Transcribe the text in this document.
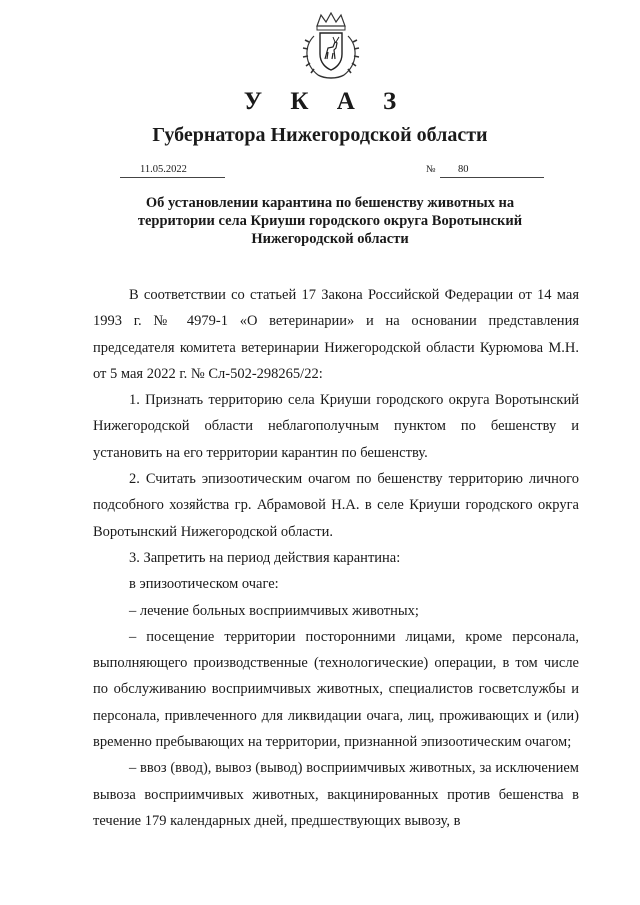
У К А З
Губернатора Нижегородской области
11.05.2022	№	80
Об установлении карантина по бешенству животных на
территории села Криуши городского округа Воротынский
Нижегородской области

В соответствии со статьей 17 Закона Российской Федерации от 14 мая 1993 г. № 4979-1 «О ветеринарии» и на основании представления председателя комитета ветеринарии Нижегородской области Курюмова М.Н. от 5 мая 2022 г. № Сл-502-298265/22:

1. Признать территорию села Криуши городского округа Воротынский Нижегородской области неблагополучным пунктом по бешенству и установить на его территории карантин по бешенству.

2. Считать эпизоотическим очагом по бешенству территорию личного подсобного хозяйства гр. Абрамовой Н.А. в селе Криуши городского округа Воротынский Нижегородской области.

3. Запретить на период действия карантина:

в эпизоотическом очаге:

– лечение больных восприимчивых животных;

– посещение территории посторонними лицами, кроме персонала, выполняющего производственные (технологические) операции, в том числе по обслуживанию восприимчивых животных, специалистов госветслужбы и персонала, привлеченного для ликвидации очага, лиц, проживающих и (или) временно пребывающих на территории, признанной эпизоотическим очагом;

– ввоз (ввод), вывоз (вывод) восприимчивых животных, за исключением вывоза восприимчивых животных, вакцинированных против бешенства в течение 179 календарных дней, предшествующих вывозу, в
